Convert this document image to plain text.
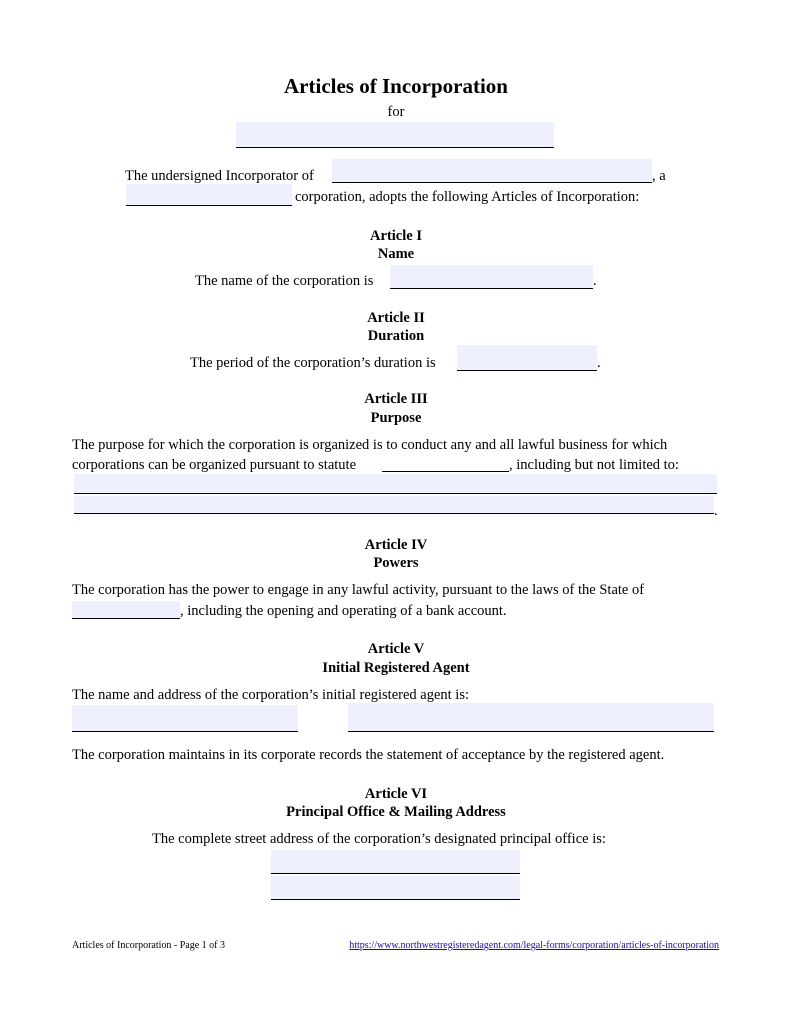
Articles of Incorporation
for
The undersigned Incorporator of	, a
corporation, adopts the following Articles of Incorporation:
Article I
Name
The name of the corporation is	.
Article II
Duration
The period of the corporation’s duration is	.
Article III
Purpose
The purpose for which the corporation is organized is to conduct any and all lawful business for which
corporations can be organized pursuant to statute	, including but not limited to:
.
Article IV
Powers
The corporation has the power to engage in any lawful activity, pursuant to the laws of the State of
, including the opening and operating of a bank account.
Article V
Initial Registered Agent
The name and address of the corporation’s initial registered agent is:
The corporation maintains in its corporate records the statement of acceptance by the registered agent.
Article VI
Principal Office & Mailing Address
The complete street address of the corporation’s designated principal office is:
Articles of Incorporation - Page 1 of 3	https://www.northwestregisteredagent.com/legal-forms/corporation/articles-of-incorporation
